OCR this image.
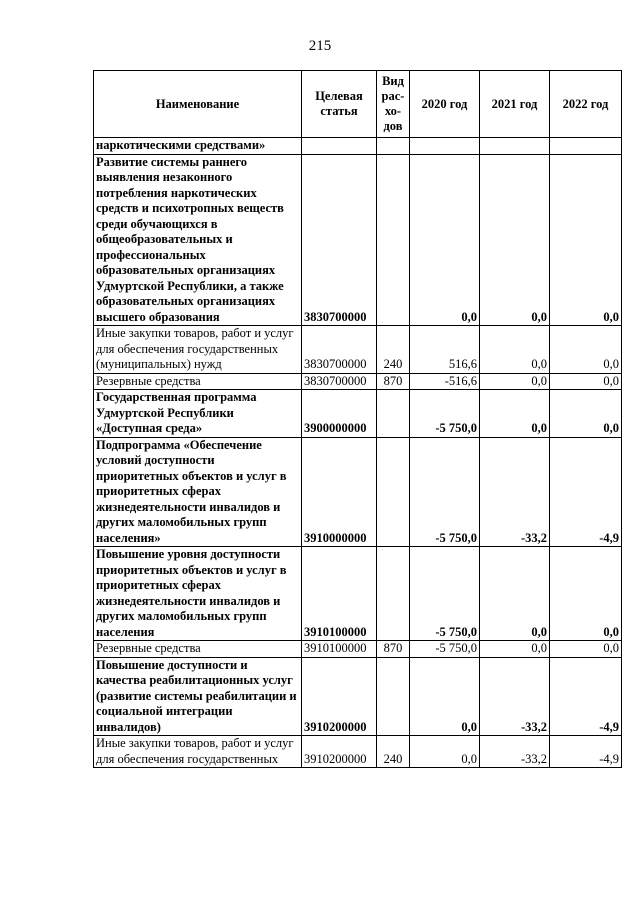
215
Наименование	Целевая статья	Вид рас-хо-дов	2020 год	2021 год	2022 год
наркотическими средствами»					
Развитие системы раннего выявления незаконного потребления наркотических средств и психотропных веществ среди обучающихся в общеобразовательных и профессиональных образовательных организациях Удмуртской Республики, а также образовательных организациях высшего образования	3830700000		0,0	0,0	0,0
Иные закупки товаров, работ и услуг для обеспечения государственных (муниципальных) нужд	3830700000	240	516,6	0,0	0,0
Резервные средства	3830700000	870	-516,6	0,0	0,0
Государственная программа Удмуртской Республики «Доступная среда»	3900000000		-5 750,0	0,0	0,0
Подпрограмма «Обеспечение условий доступности приоритетных объектов и услуг в приоритетных сферах жизнедеятельности инвалидов и других маломобильных групп населения»	3910000000		-5 750,0	-33,2	-4,9
Повышение уровня доступности приоритетных объектов и услуг в приоритетных сферах жизнедеятельности инвалидов и других маломобильных групп населения	3910100000		-5 750,0	0,0	0,0
Резервные средства	3910100000	870	-5 750,0	0,0	0,0
Повышение доступности и качества реабилитационных услуг (развитие системы реабилитации и социальной интеграции инвалидов)	3910200000		0,0	-33,2	-4,9
Иные закупки товаров, работ и услуг для обеспечения государственных	3910200000	240	0,0	-33,2	-4,9
